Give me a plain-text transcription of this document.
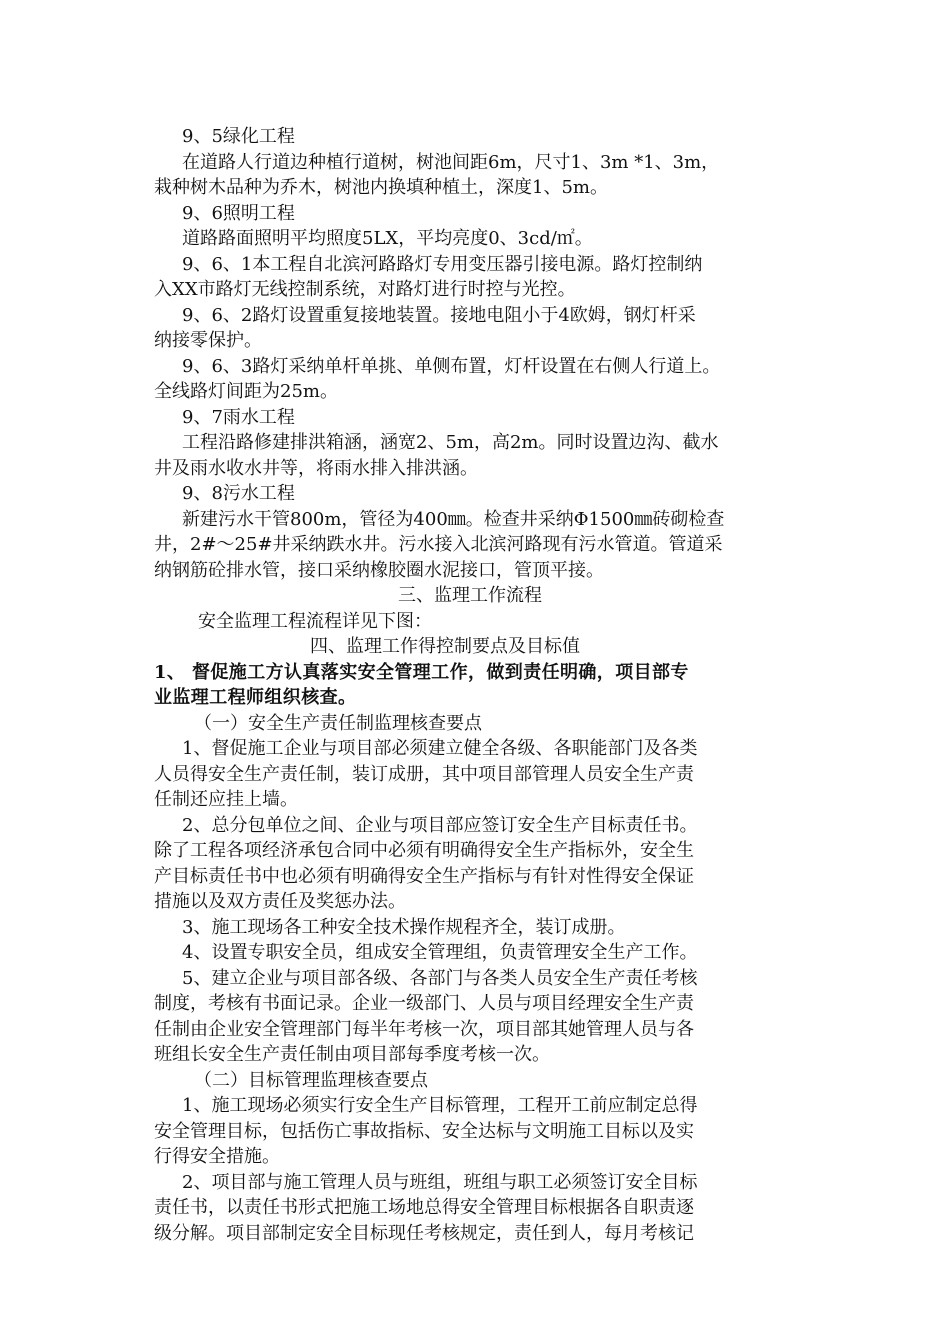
9、5绿化工程
在道路人行道边种植行道树，树池间距6m，尺寸1、3m *1、3m，
栽种树木品种为乔木，树池内换填种植土，深度1、5m。
9、6照明工程
道路路面照明平均照度5LX，平均亮度0、3cd/㎡。
9、6、1本工程自北滨河路路灯专用变压器引接电源。路灯控制纳
入XX市路灯无线控制系统，对路灯进行时控与光控。
9、6、2路灯设置重复接地装置。接地电阻小于4欧姆，钢灯杆采
纳接零保护。
9、6、3路灯采纳单杆单挑、单侧布置，灯杆设置在右侧人行道上。
全线路灯间距为25m。
9、7雨水工程
工程沿路修建排洪箱涵，涵宽2、5m，高2m。同时设置边沟、截水
井及雨水收水井等，将雨水排入排洪涵。
9、8污水工程
新建污水干管800m，管径为400㎜。检查井采纳Φ1500㎜砖砌检查
井，2#～25#井采纳跌水井。污水接入北滨河路现有污水管道。管道采
纳钢筋砼排水管，接口采纳橡胶圈水泥接口，管顶平接。
三、监理工作流程
安全监理工程流程详见下图：
四、监理工作得控制要点及目标值
1、 督促施工方认真落实安全管理工作，做到责任明确，项目部专
业监理工程师组织核查。
（一）安全生产责任制监理核查要点
1、督促施工企业与项目部必须建立健全各级、各职能部门及各类
人员得安全生产责任制，装订成册，其中项目部管理人员安全生产责
任制还应挂上墙。
2、总分包单位之间、企业与项目部应签订安全生产目标责任书。
除了工程各项经济承包合同中必须有明确得安全生产指标外，安全生
产目标责任书中也必须有明确得安全生产指标与有针对性得安全保证
措施以及双方责任及奖惩办法。
3、施工现场各工种安全技术操作规程齐全，装订成册。
4、设置专职安全员，组成安全管理组，负责管理安全生产工作。
5、建立企业与项目部各级、各部门与各类人员安全生产责任考核
制度，考核有书面记录。企业一级部门、人员与项目经理安全生产责
任制由企业安全管理部门每半年考核一次，项目部其她管理人员与各
班组长安全生产责任制由项目部每季度考核一次。
（二）目标管理监理核查要点
1、施工现场必须实行安全生产目标管理，工程开工前应制定总得
安全管理目标，包括伤亡事故指标、安全达标与文明施工目标以及实
行得安全措施。
2、项目部与施工管理人员与班组，班组与职工必须签订安全目标
责任书，以责任书形式把施工场地总得安全管理目标根据各自职责逐
级分解。项目部制定安全目标现任考核规定，责任到人，每月考核记
